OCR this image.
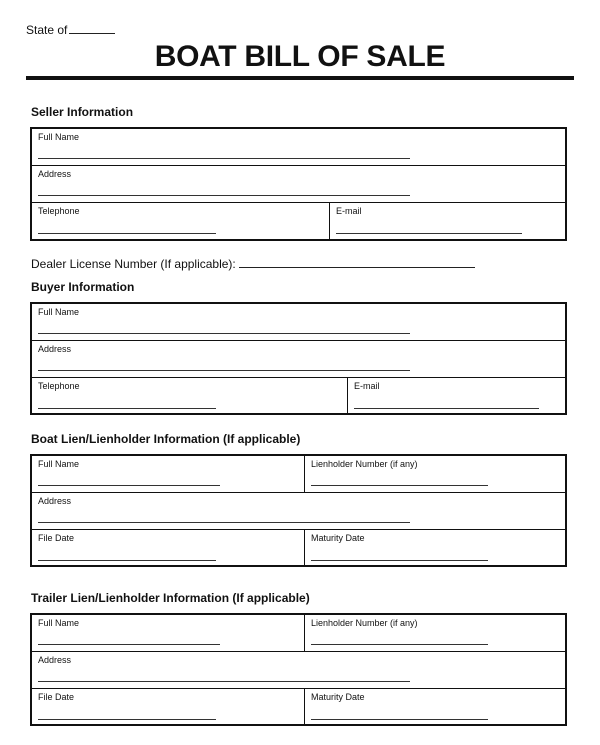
State of
BOAT BILL OF SALE
Seller Information
Full Name
Address
Telephone	E-mail
Dealer License Number (If applicable):
Buyer Information
Full Name
Address
Telephone	E-mail
Boat Lien/Lienholder Information (If applicable)
Full Name	Lienholder Number (if any)
Address
File Date	Maturity Date
Trailer Lien/Lienholder Information (If applicable)
Full Name	Lienholder Number (if any)
Address
File Date	Maturity Date
